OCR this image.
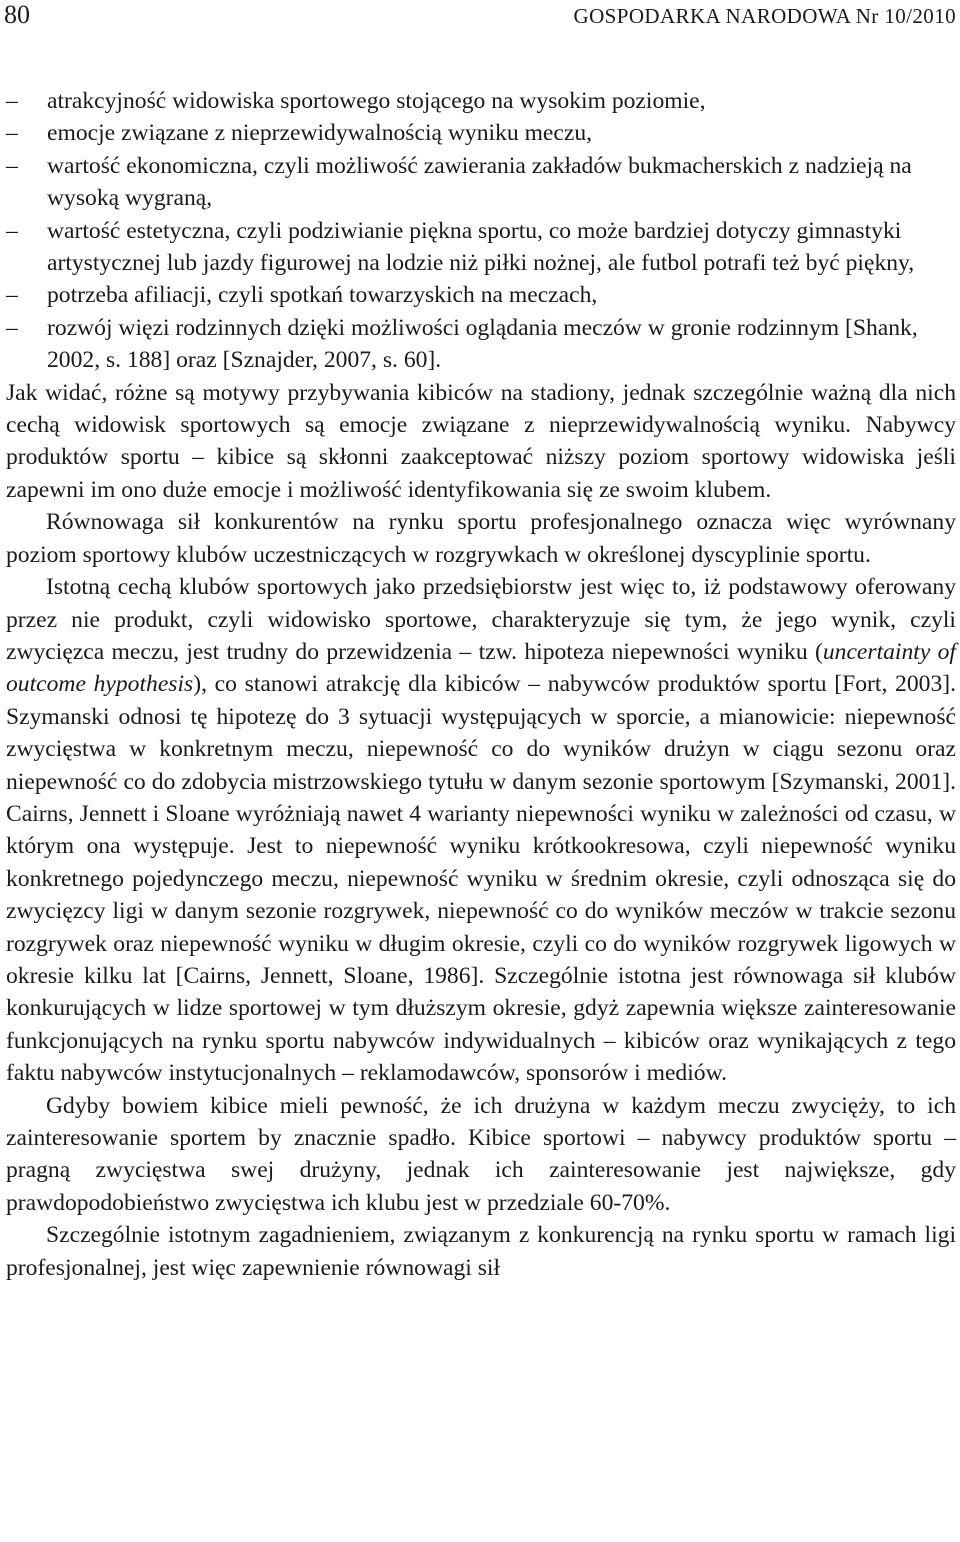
80	GOSPODARKA NARODOWA Nr 10/2010
– atrakcyjność widowiska sportowego stojącego na wysokim poziomie,
– emocje związane z nieprzewidywalnością wyniku meczu,
– wartość ekonomiczna, czyli możliwość zawierania zakładów bukmacherskich z nadzieją na wysoką wygraną,
– wartość estetyczna, czyli podziwianie piękna sportu, co może bardziej dotyczy gimnastyki artystycznej lub jazdy figurowej na lodzie niż piłki nożnej, ale futbol potrafi też być piękny,
– potrzeba afiliacji, czyli spotkań towarzyskich na meczach,
– rozwój więzi rodzinnych dzięki możliwości oglądania meczów w gronie rodzinnym [Shank, 2002, s. 188] oraz [Sznajder, 2007, s. 60].

Jak widać, różne są motywy przybywania kibiców na stadiony, jednak szczególnie ważną dla nich cechą widowisk sportowych są emocje związane z nieprzewidywalnością wyniku. Nabywcy produktów sportu – kibice są skłonni zaakceptować niższy poziom sportowy widowiska jeśli zapewni im ono duże emocje i możliwość identyfikowania się ze swoim klubem.

Równowaga sił konkurentów na rynku sportu profesjonalnego oznacza więc wyrównany poziom sportowy klubów uczestniczących w rozgrywkach w określonej dyscyplinie sportu.

Istotną cechą klubów sportowych jako przedsiębiorstw jest więc to, iż podstawowy oferowany przez nie produkt, czyli widowisko sportowe, charakteryzuje się tym, że jego wynik, czyli zwycięzca meczu, jest trudny do przewidzenia – tzw. hipoteza niepewności wyniku (uncertainty of outcome hypothesis), co stanowi atrakcję dla kibiców – nabywców produktów sportu [Fort, 2003]. Szymanski odnosi tę hipotezę do 3 sytuacji występujących w sporcie, a mianowicie: niepewność zwycięstwa w konkretnym meczu, niepewność co do wyników drużyn w ciągu sezonu oraz niepewność co do zdobycia mistrzowskiego tytułu w danym sezonie sportowym [Szymanski, 2001]. Cairns, Jennett i Sloane wyróżniają nawet 4 warianty niepewności wyniku w zależności od czasu, w którym ona występuje. Jest to niepewność wyniku krótkookresowa, czyli niepewność wyniku konkretnego pojedynczego meczu, niepewność wyniku w średnim okresie, czyli odnosząca się do zwycięzcy ligi w danym sezonie rozgrywek, niepewność co do wyników meczów w trakcie sezonu rozgrywek oraz niepewność wyniku w długim okresie, czyli co do wyników rozgrywek ligowych w okresie kilku lat [Cairns, Jennett, Sloane, 1986]. Szczególnie istotna jest równowaga sił klubów konkurujących w lidze sportowej w tym dłuższym okresie, gdyż zapewnia większe zainteresowanie funkcjonujących na rynku sportu nabywców indywidualnych – kibiców oraz wynikających z tego faktu nabywców instytucjonalnych – reklamodawców, sponsorów i mediów.

Gdyby bowiem kibice mieli pewność, że ich drużyna w każdym meczu zwycięży, to ich zainteresowanie sportem by znacznie spadło. Kibice sportowi – nabywcy produktów sportu – pragną zwycięstwa swej drużyny, jednak ich zainteresowanie jest największe, gdy prawdopodobieństwo zwycięstwa ich klubu jest w przedziale 60-70%.

Szczególnie istotnym zagadnieniem, związanym z konkurencją na rynku sportu w ramach ligi profesjonalnej, jest więc zapewnienie równowagi sił
